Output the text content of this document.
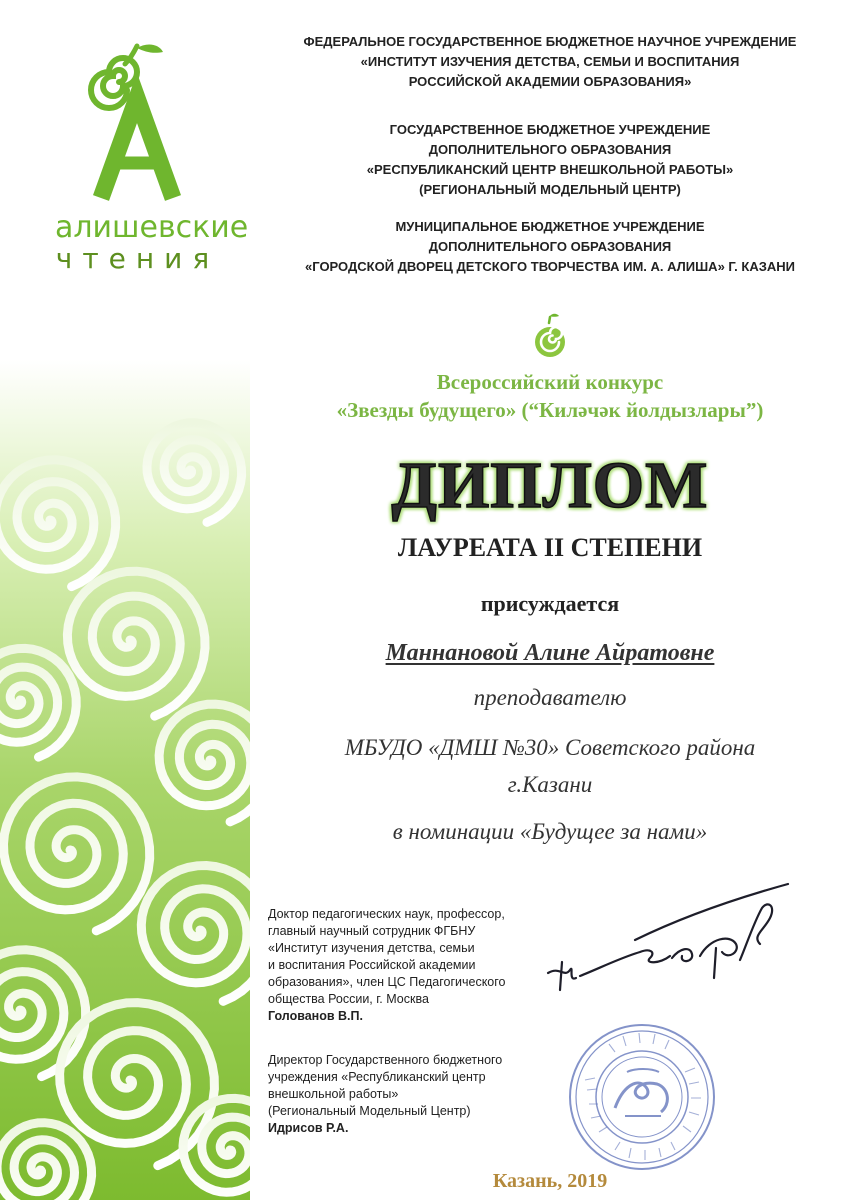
алишевские
чтения
ФЕДЕРАЛЬНОЕ ГОСУДАРСТВЕННОЕ БЮДЖЕТНОЕ НАУЧНОЕ УЧРЕЖДЕНИЕ
«ИНСТИТУТ ИЗУЧЕНИЯ ДЕТСТВА, СЕМЬИ И ВОСПИТАНИЯ
РОССИЙСКОЙ АКАДЕМИИ ОБРАЗОВАНИЯ»
ГОСУДАРСТВЕННОЕ БЮДЖЕТНОЕ УЧРЕЖДЕНИЕ
ДОПОЛНИТЕЛЬНОГО ОБРАЗОВАНИЯ
«РЕСПУБЛИКАНСКИЙ ЦЕНТР ВНЕШКОЛЬНОЙ РАБОТЫ»
(РЕГИОНАЛЬНЫЙ МОДЕЛЬНЫЙ ЦЕНТР)
МУНИЦИПАЛЬНОЕ БЮДЖЕТНОЕ УЧРЕЖДЕНИЕ
ДОПОЛНИТЕЛЬНОГО ОБРАЗОВАНИЯ
«ГОРОДСКОЙ ДВОРЕЦ ДЕТСКОГО ТВОРЧЕСТВА ИМ. А. АЛИША» Г. КАЗАНИ
Всероссийский конкурс
«Звезды будущего» (“Киләчәк йолдызлары”)
ДИПЛОМ
ЛАУРЕАТА II СТЕПЕНИ
присуждается
Маннановой Алине Айратовне
преподавателю
МБУДО «ДМШ №30» Советского района
г.Казани
в номинации «Будущее за нами»
Доктор педагогических наук, профессор,
главный научный сотрудник ФГБНУ
«Институт изучения детства, семьи
и воспитания Российской академии
образования», член ЦС Педагогического
общества России, г. Москва
Голованов В.П.
Директор Государственного бюджетного
учреждения «Республиканский центр
внешкольной работы»
(Региональный Модельный Центр)
Идрисов Р.А.
Казань, 2019
